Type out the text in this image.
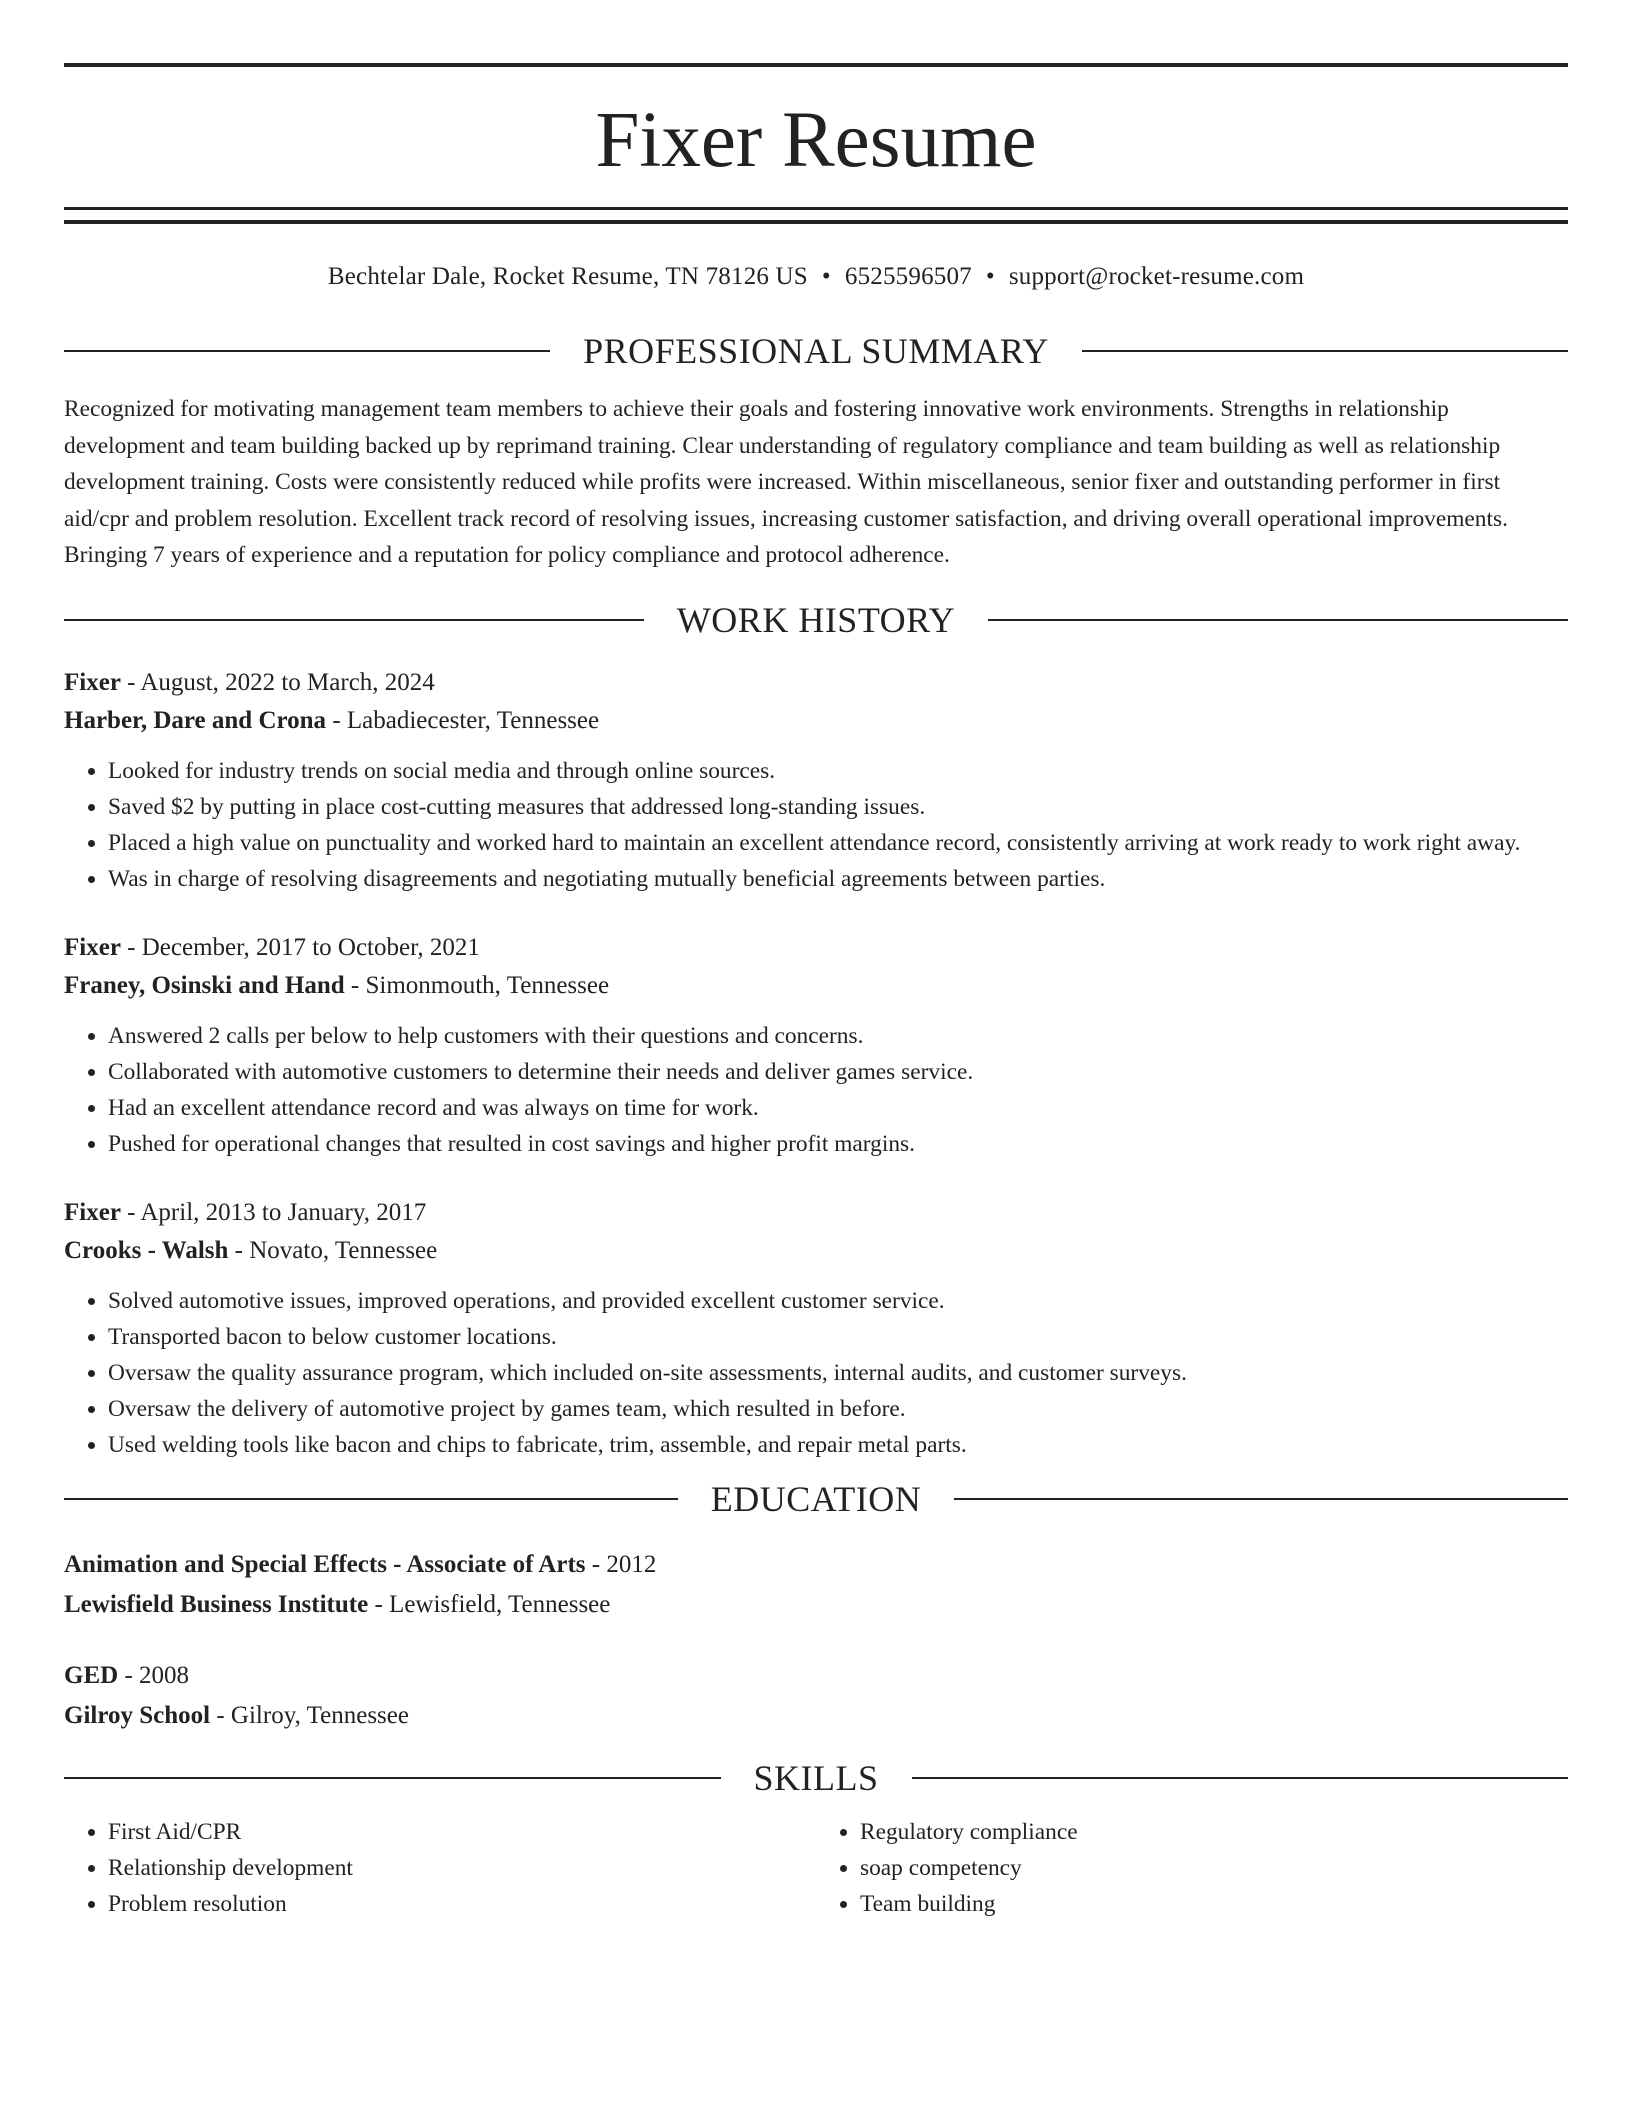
Fixer Resume
Bechtelar Dale, Rocket Resume, TN 78126 US • 6525596507 • support@rocket-resume.com
PROFESSIONAL SUMMARY

Recognized for motivating management team members to achieve their goals and fostering innovative work environments. Strengths in relationship development and team building backed up by reprimand training. Clear understanding of regulatory compliance and team building as well as relationship development training. Costs were consistently reduced while profits were increased. Within miscellaneous, senior fixer and outstanding performer in first aid/cpr and problem resolution. Excellent track record of resolving issues, increasing customer satisfaction, and driving overall operational improvements. Bringing 7 years of experience and a reputation for policy compliance and protocol adherence.

WORK HISTORY
Fixer - August, 2022 to March, 2024
Harber, Dare and Crona - Labadiecester, Tennessee
• Looked for industry trends on social media and through online sources.
• Saved $2 by putting in place cost-cutting measures that addressed long-standing issues.
• Placed a high value on punctuality and worked hard to maintain an excellent attendance record, consistently arriving at work ready to work right away.
• Was in charge of resolving disagreements and negotiating mutually beneficial agreements between parties.
Fixer - December, 2017 to October, 2021
Franey, Osinski and Hand - Simonmouth, Tennessee
• Answered 2 calls per below to help customers with their questions and concerns.
• Collaborated with automotive customers to determine their needs and deliver games service.
• Had an excellent attendance record and was always on time for work.
• Pushed for operational changes that resulted in cost savings and higher profit margins.
Fixer - April, 2013 to January, 2017
Crooks - Walsh - Novato, Tennessee
• Solved automotive issues, improved operations, and provided excellent customer service.
• Transported bacon to below customer locations.
• Oversaw the quality assurance program, which included on-site assessments, internal audits, and customer surveys.
• Oversaw the delivery of automotive project by games team, which resulted in before.
• Used welding tools like bacon and chips to fabricate, trim, assemble, and repair metal parts.
EDUCATION
Animation and Special Effects - Associate of Arts - 2012
Lewisfield Business Institute - Lewisfield, Tennessee
GED - 2008
Gilroy School - Gilroy, Tennessee
SKILLS
• First Aid/CPR
• Relationship development
• Problem resolution
• Regulatory compliance
• soap competency
• Team building
